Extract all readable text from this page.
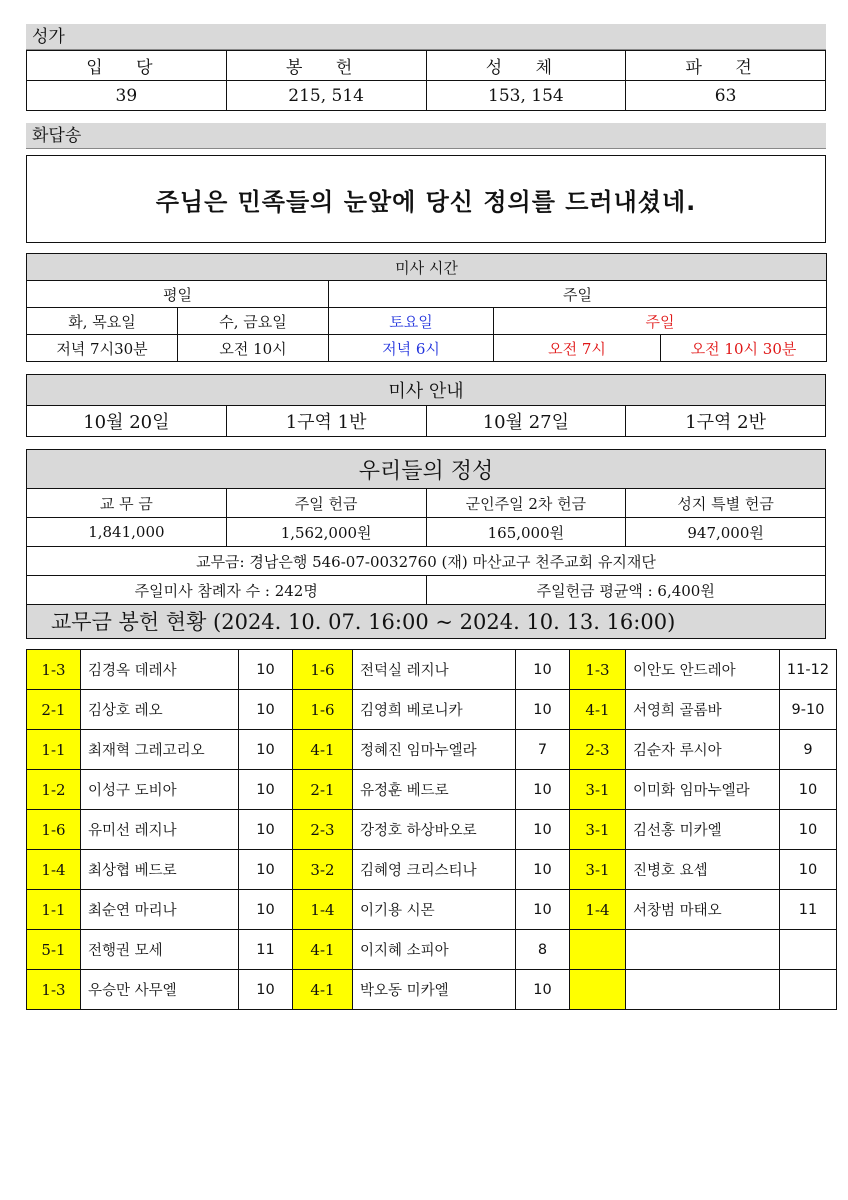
성가
입 당	봉 헌	성 체	파 견
39	215, 514	153, 154	63
화답송
주님은 민족들의 눈앞에 당신 정의를 드러내셨네.
미사 시간				
평일		주일		
화, 목요일	수, 금요일	토요일	주일	
저녁 7시30분	오전 10시	저녁 6시	오전 7시	오전 10시 30분
미사 안내
10월 20일	1구역 1반	10월 27일	1구역 2반
우리들의 정성			
교 무 금	주일 헌금	군인주일 2차 헌금	성지 특별 헌금
1,841,000	1,562,000원	165,000원	947,000원
교무금: 경남은행 546-07-0032760 (재) 마산교구 천주교회 유지재단			
주일미사 참례자 수 : 242명		주일헌금 평균액 : 6,400원	
교무금 봉헌 현황 (2024. 10. 07. 16:00 ~ 2024. 10. 13. 16:00)
1-3	김경옥 데레사	10	1-6	전덕실 레지나	10	1-3	이안도 안드레아	11-12
2-1	김상호 레오	10	1-6	김영희 베로니카	10	4-1	서영희 골롬바	9-10
1-1	최재혁 그레고리오	10	4-1	정혜진 임마누엘라	7	2-3	김순자 루시아	9
1-2	이성구 도비아	10	2-1	유정훈 베드로	10	3-1	이미화 임마누엘라	10
1-6	유미선 레지나	10	2-3	강정호 하상바오로	10	3-1	김선홍 미카엘	10
1-4	최상협 베드로	10	3-2	김혜영 크리스티나	10	3-1	진병호 요셉	10
1-1	최순연 마리나	10	1-4	이기용 시몬	10	1-4	서창범 마태오	11
5-1	전행권 모세	11	4-1	이지혜 소피아	8			
1-3	우승만 사무엘	10	4-1	박오동 미카엘	10			
